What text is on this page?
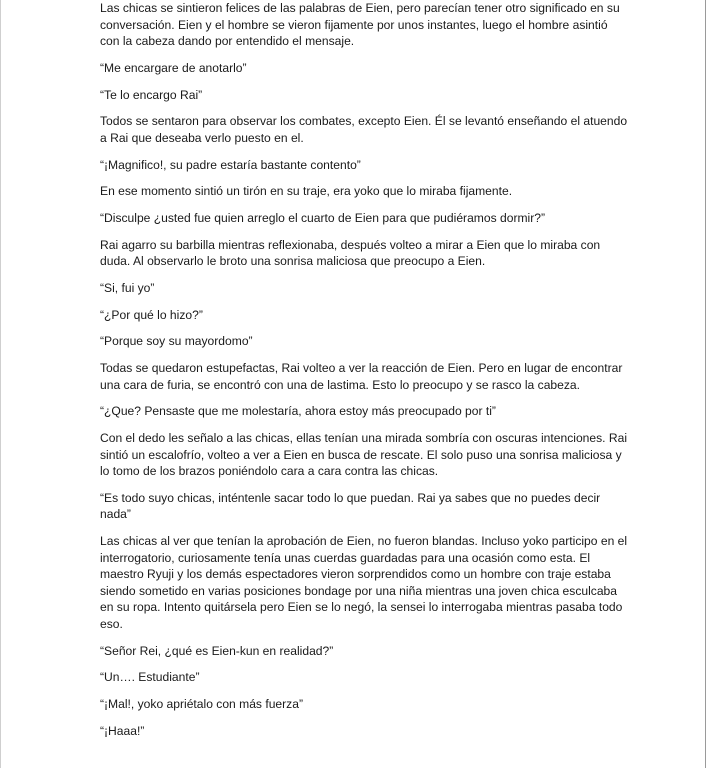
Las chicas se sintieron felices de las palabras de Eien, pero parecían tener otro significado en su conversación. Eien y el hombre se vieron fijamente por unos instantes, luego el hombre asintió con la cabeza dando por entendido el mensaje.

“Me encargare de anotarlo”

“Te lo encargo Rai”

Todos se sentaron para observar los combates, excepto Eien. Él se levantó enseñando el atuendo a Rai que deseaba verlo puesto en el.

“¡Magnifico!, su padre estaría bastante contento”

En ese momento sintió un tirón en su traje, era yoko que lo miraba fijamente.

“Disculpe ¿usted fue quien arreglo el cuarto de Eien para que pudiéramos dormir?”

Rai agarro su barbilla mientras reflexionaba, después volteo a mirar a Eien que lo miraba con duda. Al observarlo le broto una sonrisa maliciosa que preocupo a Eien.

“Si, fui yo”

“¿Por qué lo hizo?”

“Porque soy su mayordomo”

Todas se quedaron estupefactas, Rai volteo a ver la reacción de Eien. Pero en lugar de encontrar una cara de furia, se encontró con una de lastima. Esto lo preocupo y se rasco la cabeza.

“¿Que? Pensaste que me molestaría, ahora estoy más preocupado por ti”

Con el dedo les señalo a las chicas, ellas tenían una mirada sombría con oscuras intenciones. Rai sintió un escalofrío, volteo a ver a Eien en busca de rescate. El solo puso una sonrisa maliciosa y lo tomo de los brazos poniéndolo cara a cara contra las chicas.

“Es todo suyo chicas, inténtenle sacar todo lo que puedan. Rai ya sabes que no puedes decir nada”

Las chicas al ver que tenían la aprobación de Eien, no fueron blandas. Incluso yoko participo en el interrogatorio, curiosamente tenía unas cuerdas guardadas para una ocasión como esta. El maestro Ryuji y los demás espectadores vieron sorprendidos como un hombre con traje estaba siendo sometido en varias posiciones bondage por una niña mientras una joven chica esculcaba en su ropa. Intento quitársela pero Eien se lo negó, la sensei lo interrogaba mientras pasaba todo eso.

“Señor Rei, ¿qué es Eien-kun en realidad?”

“Un…. Estudiante”

“¡Mal!, yoko apriétalo con más fuerza”

“¡Haaa!”
